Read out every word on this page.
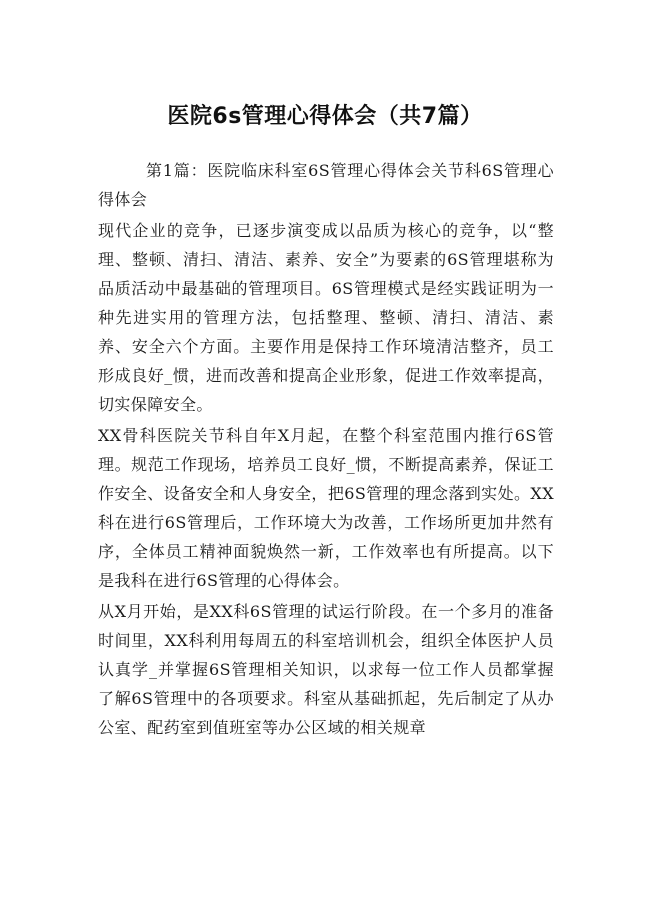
医院6s管理心得体会（共7篇）

第1篇：医院临床科室6S管理心得体会关节科6S管理心得体会

现代企业的竞争，已逐步演变成以品质为核心的竞争，以“整理、整顿、清扫、清洁、素养、安全”为要素的6S管理堪称为品质活动中最基础的管理项目。6S管理模式是经实践证明为一种先进实用的管理方法，包括整理、整顿、清扫、清洁、素养、安全六个方面。主要作用是保持工作环境清洁整齐，员工形成良好_惯，进而改善和提高企业形象，促进工作效率提高，切实保障安全。

XX骨科医院关节科自年X月起，在整个科室范围内推行6S管理。规范工作现场，培养员工良好_惯，不断提高素养，保证工作安全、设备安全和人身安全，把6S管理的理念落到实处。XX科在进行6S管理后，工作环境大为改善，工作场所更加井然有序，全体员工精神面貌焕然一新，工作效率也有所提高。以下是我科在进行6S管理的心得体会。

从X月开始，是XX科6S管理的试运行阶段。在一个多月的准备时间里，XX科利用每周五的科室培训机会，组织全体医护人员认真学_并掌握6S管理相关知识，以求每一位工作人员都掌握了解6S管理中的各项要求。科室从基础抓起，先后制定了从办公室、配药室到值班室等办公区域的相关规章
